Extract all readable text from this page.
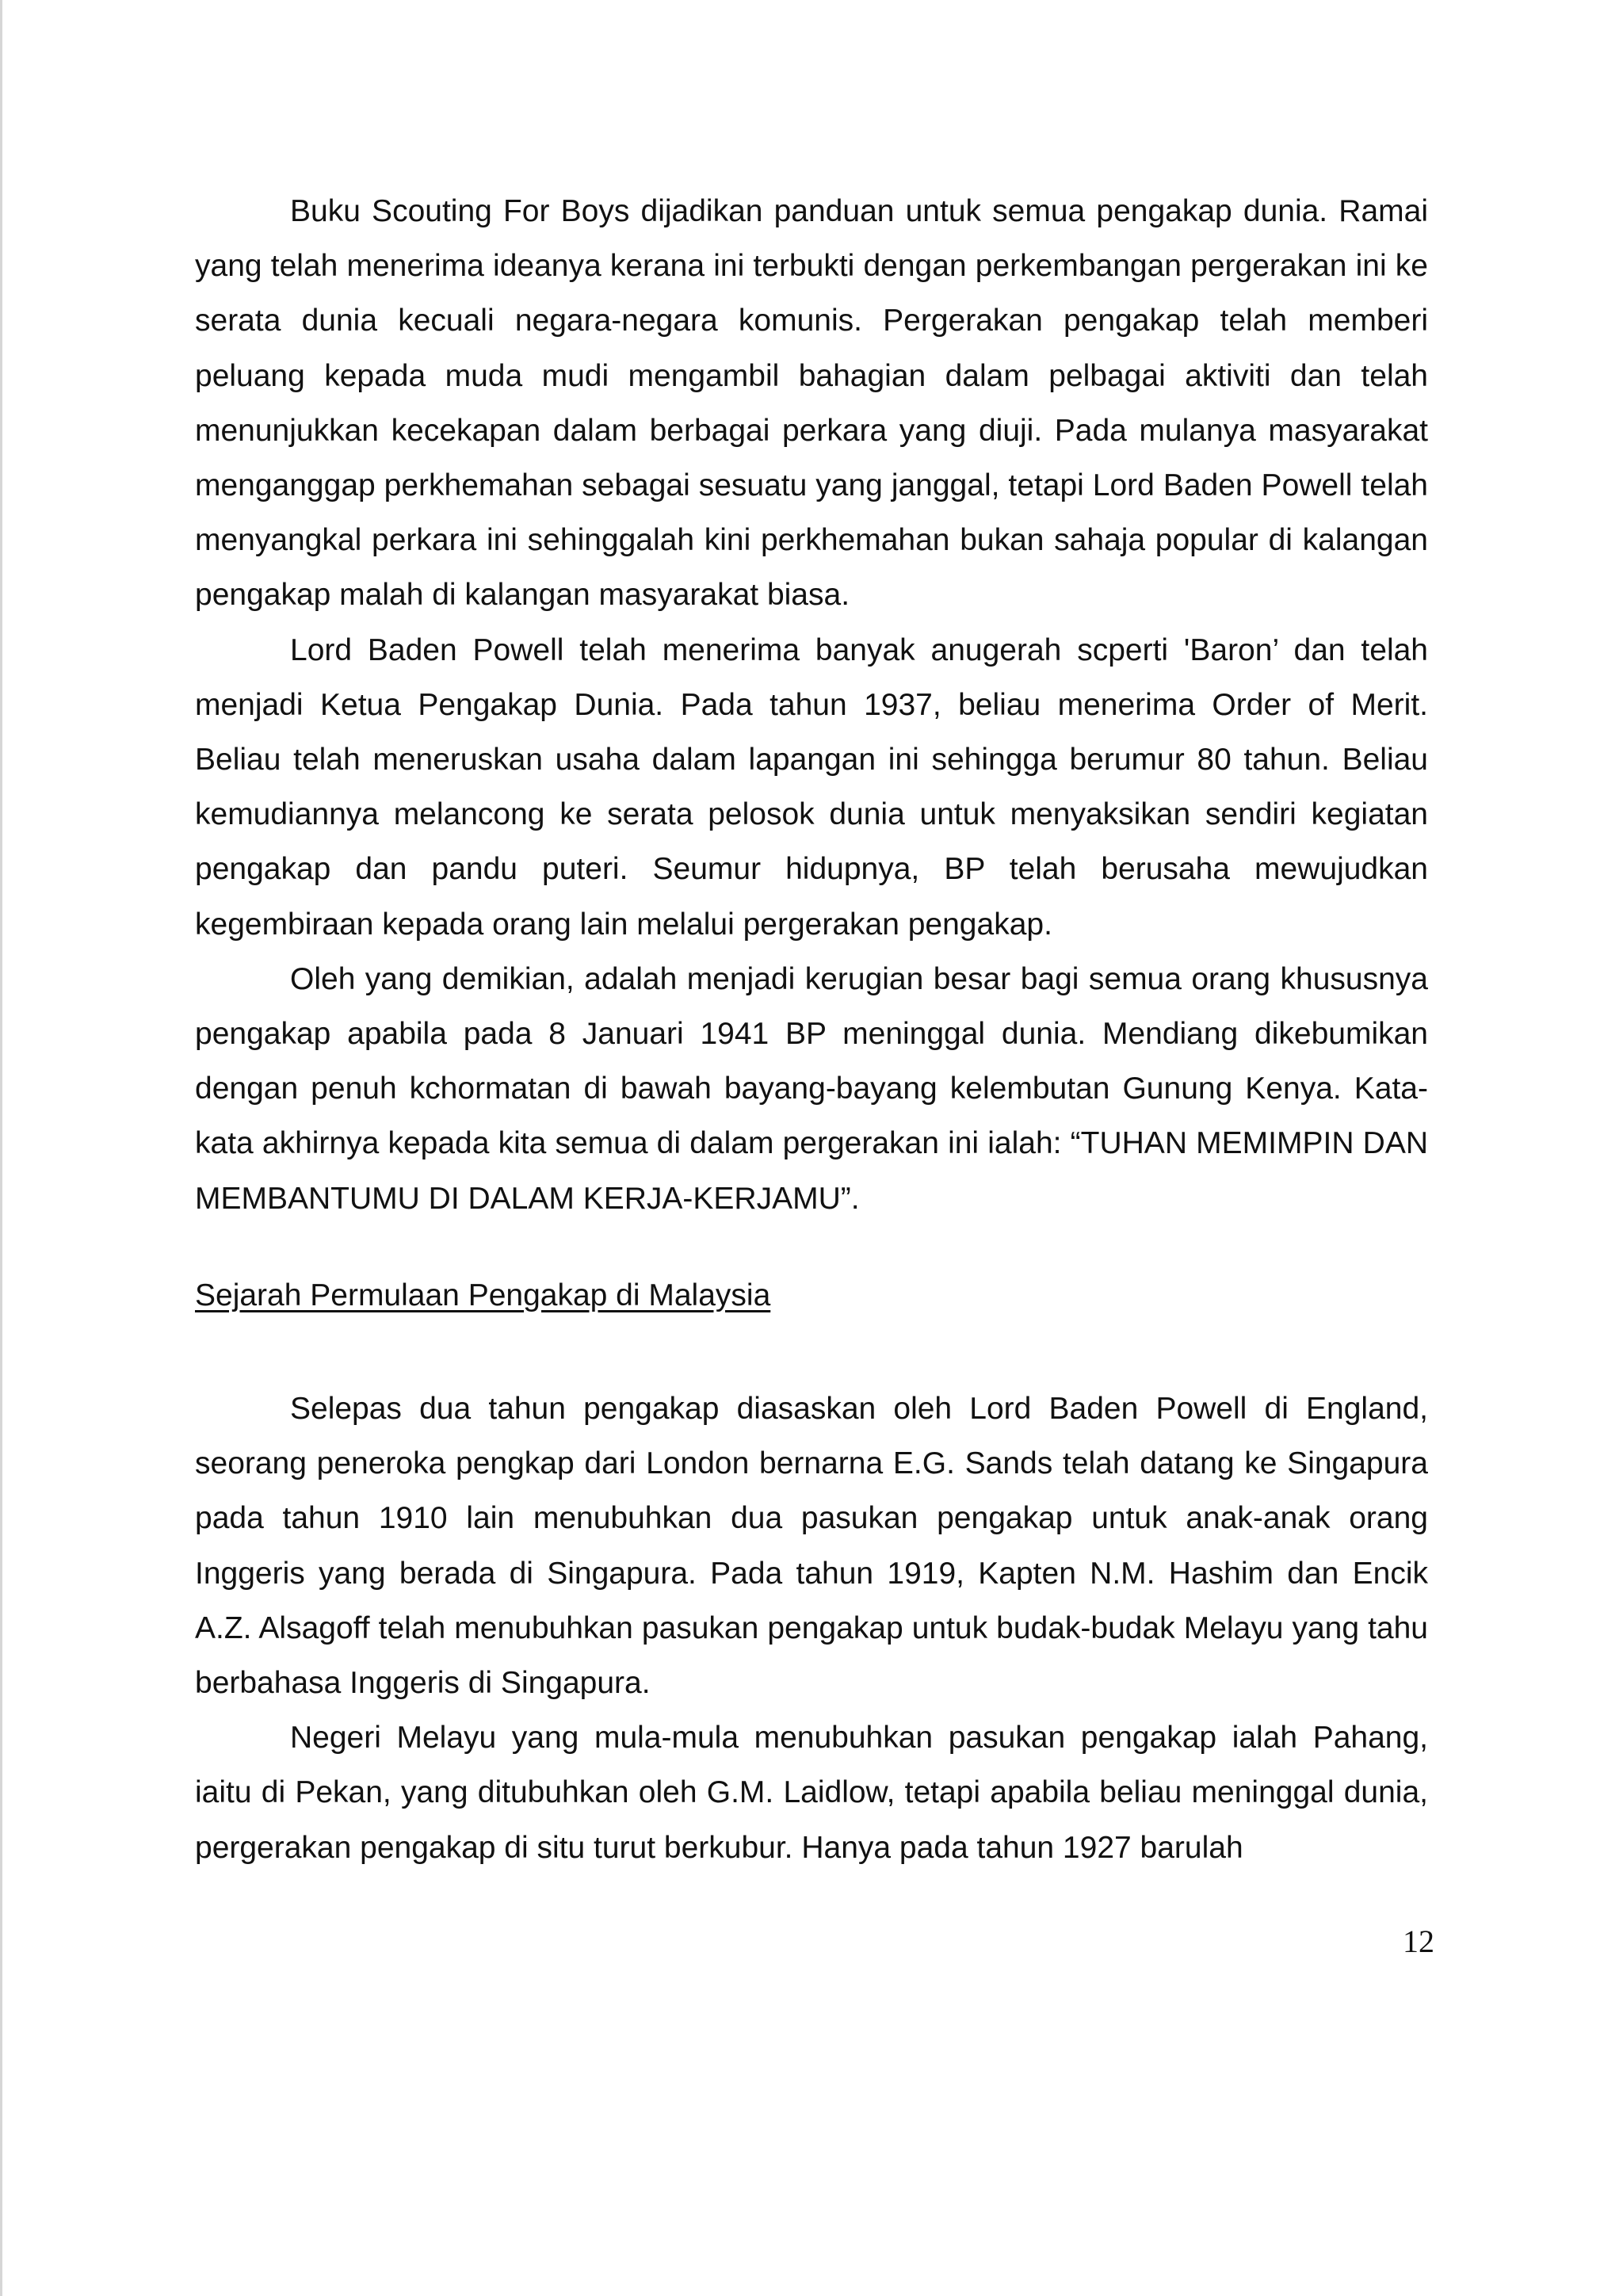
Buku Scouting For Boys dijadikan panduan untuk semua pengakap dunia. Ramai yang telah menerima ideanya kerana ini terbukti dengan perkembangan pergerakan ini ke serata dunia kecuali negara-negara komunis. Pergerakan pengakap telah memberi peluang kepada muda mudi mengambil bahagian dalam pelbagai aktiviti dan telah menunjukkan kecekapan dalam berbagai perkara yang diuji. Pada mulanya masyarakat menganggap perkhemahan sebagai sesuatu yang janggal, tetapi Lord Baden Powell telah menyangkal perkara ini sehinggalah kini perkhemahan bukan sahaja popular di kalangan pengakap malah di kalangan masyarakat biasa.

Lord Baden Powell telah menerima banyak anugerah scperti 'Baron’ dan telah menjadi Ketua Pengakap Dunia. Pada tahun 1937, beliau menerima Order of Merit. Beliau telah meneruskan usaha dalam lapangan ini sehingga berumur 80 tahun. Beliau kemudiannya melancong ke serata pelosok dunia untuk menyaksikan sendiri kegiatan pengakap dan pandu puteri. Seumur hidupnya, BP telah berusaha mewujudkan kegembiraan kepada orang lain melalui pergerakan pengakap.

Oleh yang demikian, adalah menjadi kerugian besar bagi semua orang khususnya pengakap apabila pada 8 Januari 1941 BP meninggal dunia. Mendiang dikebumikan dengan penuh kchormatan di bawah bayang-bayang kelembutan Gunung Kenya. Kata-kata akhirnya kepada kita semua di dalam pergerakan ini ialah: “TUHAN MEMIMPIN DAN MEMBANTUMU DI DALAM KERJA-KERJAMU”.

Sejarah Permulaan Pengakap di Malaysia

Selepas dua tahun pengakap diasaskan oleh Lord Baden Powell di England, seorang peneroka pengkap dari London bernarna E.G. Sands telah datang ke Singapura pada tahun 1910 lain menubuhkan dua pasukan pengakap untuk anak-anak orang Inggeris yang berada di Singapura. Pada tahun 1919, Kapten N.M. Hashim dan Encik A.Z. Alsagoff telah menubuhkan pasukan pengakap untuk budak-budak Melayu yang tahu berbahasa Inggeris di Singapura.

Negeri Melayu yang mula-mula menubuhkan pasukan pengakap ialah Pahang, iaitu di Pekan, yang ditubuhkan oleh G.M. Laidlow, tetapi apabila beliau meninggal dunia, pergerakan pengakap di situ turut berkubur. Hanya pada tahun 1927 barulah

12
